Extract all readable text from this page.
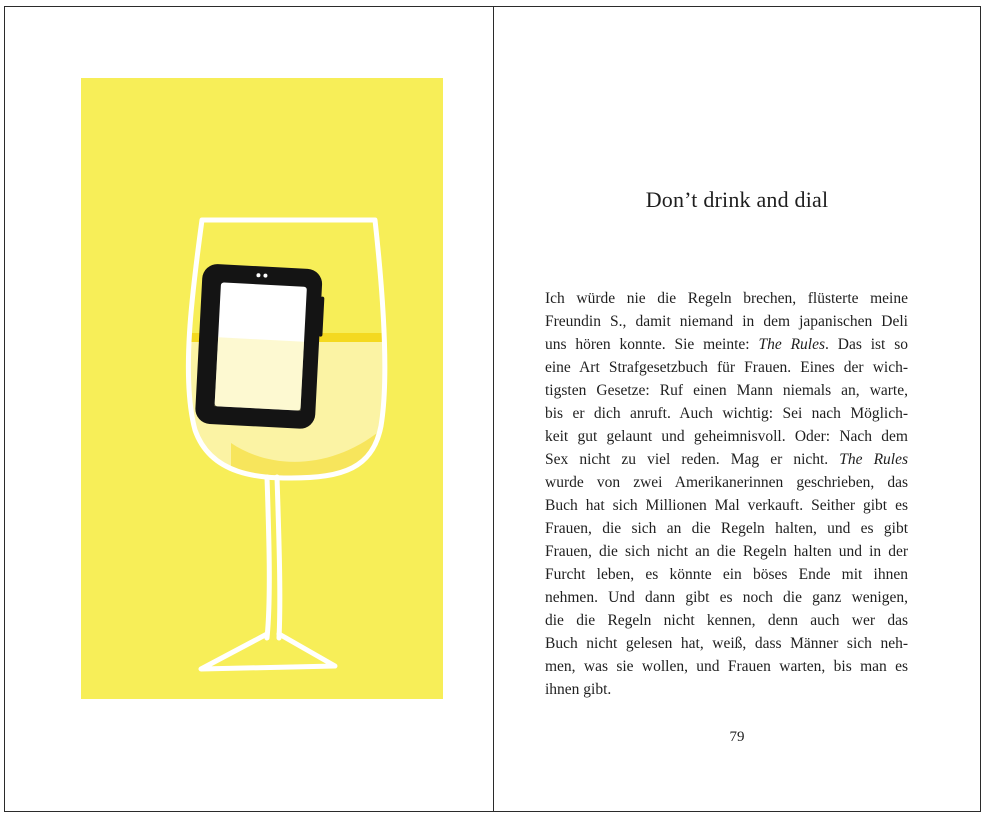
Don’t drink and dial
Ich würde nie die Regeln brechen, flüsterte meine
Freundin S., damit niemand in dem japanischen Deli
uns hören konnte. Sie meinte: The Rules. Das ist so
eine Art Strafgesetzbuch für Frauen. Eines der wich-
tigsten Gesetze: Ruf einen Mann niemals an, warte,
bis er dich anruft. Auch wichtig: Sei nach Möglich-
keit gut gelaunt und geheimnisvoll. Oder: Nach dem
Sex nicht zu viel reden. Mag er nicht. The Rules
wurde von zwei Amerikanerinnen geschrieben, das
Buch hat sich Millionen Mal verkauft. Seither gibt es
Frauen, die sich an die Regeln halten, und es gibt
Frauen, die sich nicht an die Regeln halten und in der
Furcht leben, es könnte ein böses Ende mit ihnen
nehmen. Und dann gibt es noch die ganz wenigen,
die die Regeln nicht kennen, denn auch wer das
Buch nicht gelesen hat, weiß, dass Männer sich neh-
men, was sie wollen, und Frauen warten, bis man es
ihnen gibt.
79
